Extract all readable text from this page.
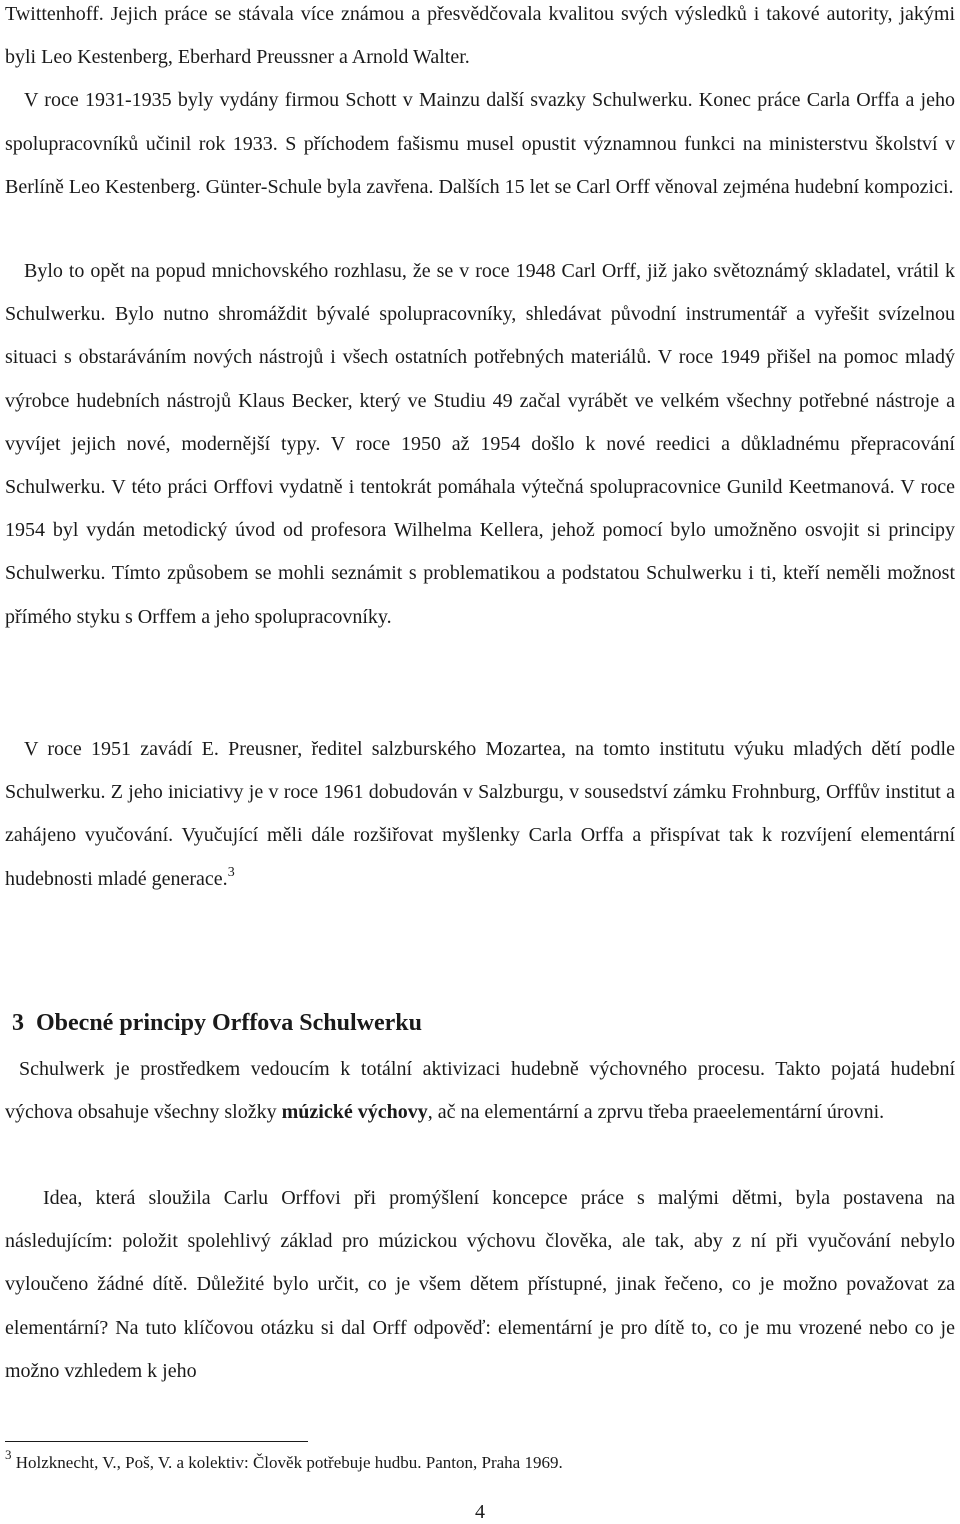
Twittenhoff. Jejich práce se stávala více známou a přesvědčovala kvalitou svých výsledků i takové autority, jakými byli Leo Kestenberg, Eberhard Preussner a Arnold Walter.

V roce 1931-1935 byly vydány firmou Schott v Mainzu další svazky Schulwerku. Konec práce Carla Orffa a jeho spolupracovníků učinil rok 1933. S příchodem fašismu musel opustit významnou funkci na ministerstvu školství v Berlíně Leo Kestenberg. Günter-Schule byla zavřena. Dalších 15 let se Carl Orff věnoval zejména hudební kompozici.

Bylo to opět na popud mnichovského rozhlasu, že se v roce 1948 Carl Orff, již jako světoznámý skladatel, vrátil k Schulwerku. Bylo nutno shromáždit bývalé spolupracovníky, shledávat původní instrumentář a vyřešit svízelnou situaci s obstaráváním nových nástrojů i všech ostatních potřebných materiálů. V roce 1949 přišel na pomoc mladý výrobce hudebních nástrojů Klaus Becker, který ve Studiu 49 začal vyrábět ve velkém všechny potřebné nástroje a vyvíjet jejich nové, modernější typy. V roce 1950 až 1954 došlo k nové reedici a důkladnému přepracování Schulwerku. V této práci Orffovi vydatně i tentokrát pomáhala výtečná spolupracovnice Gunild Keetmanová. V roce 1954 byl vydán metodický úvod od profesora Wilhelma Kellera, jehož pomocí bylo umožněno osvojit si principy Schulwerku. Tímto způsobem se mohli seznámit s problematikou a podstatou Schulwerku i ti, kteří neměli možnost přímého styku s Orffem a jeho spolupracovníky.

V roce 1951 zavádí E. Preusner, ředitel salzburského Mozartea, na tomto institutu výuku mladých dětí podle Schulwerku. Z jeho iniciativy je v roce 1961 dobudován v Salzburgu, v sousedství zámku Frohnburg, Orffův institut a zahájeno vyučování. Vyučující měli dále rozšiřovat myšlenky Carla Orffa a přispívat tak k rozvíjení elementární hudebnosti mladé generace.$^3$

3 Obecné principy Orffova Schulwerku

Schulwerk je prostředkem vedoucím k totální aktivizaci hudebně výchovného procesu. Takto pojatá hudební výchova obsahuje všechny složky múzické výchovy, ač na elementární a zprvu třeba praeelementární úrovni.

Idea, která sloužila Carlu Orffovi při promýšlení koncepce práce s malými dětmi, byla postavena na následujícím: položit spolehlivý základ pro múzickou výchovu člověka, ale tak, aby z ní při vyučování nebylo vyloučeno žádné dítě. Důležité bylo určit, co je všem dětem přístupné, jinak řečeno, co je možno považovat za elementární? Na tuto klíčovou otázku si dal Orff odpověď: elementární je pro dítě to, co je mu vrozené nebo co je možno vzhledem k jeho

$^3$ Holzknecht, V., Poš, V. a kolektiv: Člověk potřebuje hudbu. Panton, Praha 1969.

4
